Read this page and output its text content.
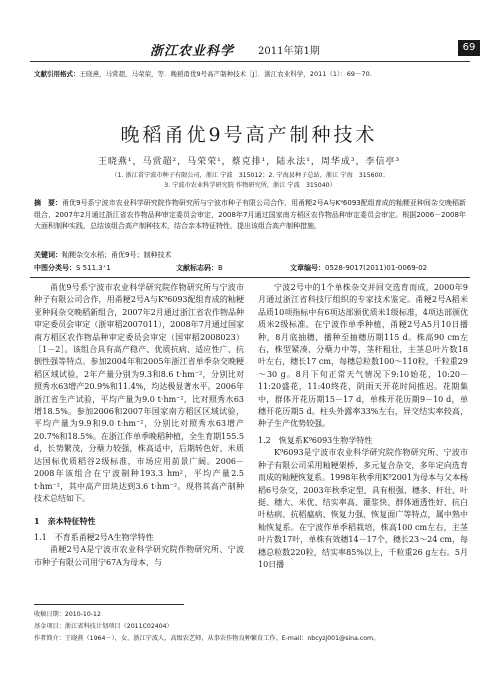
浙江农业科学 2011年第1期	69
文献引用格式：王晓燕，马赏超，马荣荣，等．晚稻甬优9号高产制种技术［J］．浙江农业科学，2011（1）：69－70.
晚稻甬优9号高产制种技术
王晓燕¹，马赏超²，马荣荣¹，蔡克排¹，陆永法¹，周华成³，李信亭³
（1. 浙江省宁波市种子有限公司，浙江 宁波　315012；2. 宁海县种子总站，浙江 宁海　315600；
3. 宁波市农业科学研究院 作物研究所，浙江 宁波　315040）
摘　要：甬优9号系宁波市农业科学研究院作物研究所与宁波市种子有限公司合作，用甬粳2号A与K⁹6093配组育成的籼粳亚种间杂交晚稻新组合，2007年2月通过浙江省农作物品种审定委员会审定，2008年7月通过国家南方稻区农作物品种审定委员会审定。根据2006－2008年大面积制种实践，总结该组合高产制种技术，结合亲本特征特性，提出该组合高产制种措施。
关键词：籼粳杂交水稻；甬优9号；制种技术
中图分类号：S 511.3⁺1	文献标志码：B	文章编号：0528-9017(2011)01-0069-02

甬优9号系宁波市农业科学研究院作物研究所与宁波市种子有限公司合作，用甬粳2号A与K⁹6093配组育成的籼粳亚种间杂交晚稻新组合，2007年2月通过浙江省农作物品种审定委员会审定（浙审稻2007011），2008年7月通过国家南方稻区农作物品种审定委员会审定（国审稻2008023）［1－2］。该组合具有高产稳产、优质抗病、适应性广、抗倒性强等特点。参加2004年和2005年浙江省单季杂交晚粳稻区域试验，2年产量分别为9.3和8.6 t·hm⁻²，分别比对照秀水63增产20.9%和11.4%，均达极显著水平。2006年浙江省生产试验，平均产量为9.0 t·hm⁻²，比对照秀水63增18.5%。参加2006和2007年国家南方稻区区域试验，平均产量为9.9和9.0 t·hm⁻²，分别比对照秀水63增产20.7%和18.5%。在浙江作单季晚稻种植，全生育期155.5 d，长势繁茂，分蘖力较强，株高适中，后期转色好，米质达国标优质稻谷2级标准，市场应用前景广阔。2006－2008年该组合在宁波制种193.3 hm²，平均产量2.5 t·hm⁻²，其中高产田块达到3.6 t·hm⁻²。现将其高产制种技术总结如下。

1　亲本特征特性

1.1　不育系甬粳2号A生物学特性

甬粳2号A是宁波市农业科学研究院作物研究所、宁波市种子有限公司用宁67A为母本，与

宁波2号中的1个单株杂交并回交选育而成，2000年9月通过浙江省科技厅组织的专家技术鉴定。甬粳2号A稻米品质10项指标中有6项达部颁优质米1级标准，4项达部颁优质米2级标准。在宁波作单季种植，甬粳2号A5月10日播种，8月底抽穗，播种至抽穗历期115 d。株高90 cm左右，株型紧凑，分蘖力中等，茎秆粗壮，主茎总叶片数18叶左右，穗长17 cm，每穗总粒数100～110粒，千粒重29～30 g。8月下旬正常天气情况下9:10始花，10:20－11:20盛花，11:40终花，阴雨天开花时间推迟。花期集中，群体开花历期15－17 d，单株开花历期9－10 d，单穗开花历期5 d。柱头外露率33%左右，异交结实率较高，种子生产优势较强。

1.2　恢复系K⁹6093生物学特性

K⁹6093是宁波市农业科学研究院作物研究所、宁波市种子有限公司采用籼粳架桥，多元复合杂交，多年定向选育而成的籼粳恢复系。1998年秋季用K⁹2001为母本与父本杨稻6号杂交，2003年秋季定型，具有根强、穗多、秆壮、叶挺、穗大、米优、结实率高、灌浆快、群体通透性好、抗白叶枯病、抗稻瘟病、恢复力强、恢复面广等特点，属中熟中籼恢复系。在宁波作单季稻栽培，株高100 cm左右，主茎叶片数17叶，单株有效穗14－17个，穗长23～24 cm，每穗总粒数220粒，结实率85%以上，千粒重26 g左右。5月10日播

收稿日期：2010-10-12
基金项目：浙江省科技计划项目（2011C02404）
作者简介：王晓燕（1964－），女，浙江宁波人，高级农艺师，从事农作物良种繁育工作。E-mail：nbcyzj001@sina.com。
